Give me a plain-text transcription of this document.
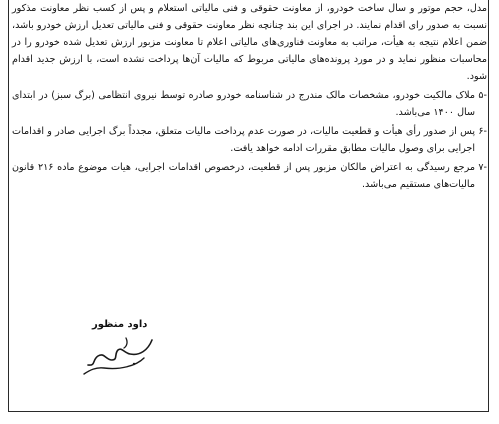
مدل، حجم موتور و سال ساخت خودرو، از معاونت حقوقی و فنی مالیاتی استعلام و پس از کسب نظر معاونت مذکور نسبت به صدور رای اقدام نمایند. در اجرای این بند چنانچه نظر معاونت حقوقی و فنی مالیاتی تعدیل ارزش خودرو باشد، ضمن اعلام نتیجه به هیأت، مراتب به معاونت فناوری‌های مالیاتی اعلام تا معاونت مزبور ارزش تعدیل شده خودرو را در محاسبات منظور نماید و در مورد پرونده‌های مالیاتی مربوط که مالیات آن‌ها پرداخت نشده است، با ارزش جدید اقدام شود.

-۵
ملاک مالکیت خودرو، مشخصات مالک مندرج در شناسنامه خودرو صادره توسط نیروی انتظامی (برگ سبز) در ابتدای سال ۱۴۰۰ می‌باشد.
-۶
پس از صدور رأی هیأت و قطعیت مالیات، در صورت عدم پرداخت مالیات متعلق، مجدداً برگ اجرایی صادر و اقدامات اجرایی برای وصول مالیات مطابق مقررات ادامه خواهد یافت.
-۷
مرجع رسیدگی به اعتراض مالکان مزبور پس از قطعیت، درخصوص اقدامات اجرایی، هیات موضوع ماده ۲۱۶ قانون مالیات‌های مستقیم می‌باشد.
داود منظور
